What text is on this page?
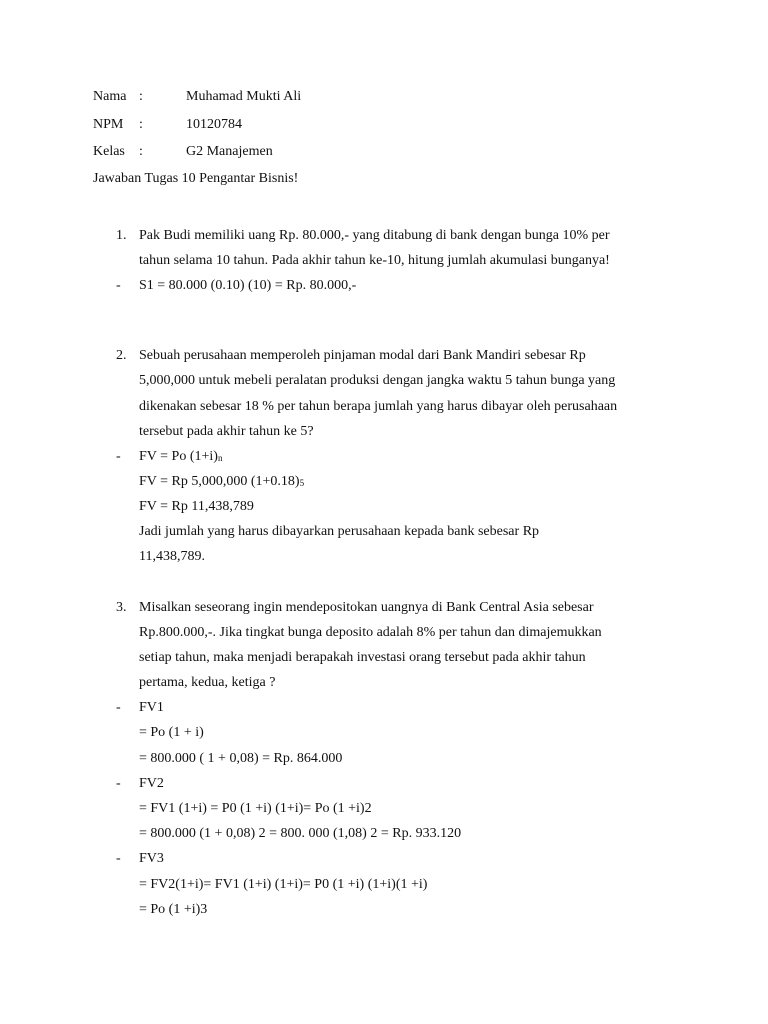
Nama :	Muhamad Mukti Ali
NPM :	10120784
Kelas :	G2 Manajemen
Jawaban Tugas 10 Pengantar Bisnis!
1. Pak Budi memiliki uang Rp. 80.000,- yang ditabung di bank dengan bunga 10% per
tahun selama 10 tahun. Pada akhir tahun ke-10, hitung jumlah akumulasi bunganya!
- S1 = 80.000 (0.10) (10) = Rp. 80.000,-
2. Sebuah perusahaan memperoleh pinjaman modal dari Bank Mandiri sebesar Rp
5,000,000 untuk mebeli peralatan produksi dengan jangka waktu 5 tahun bunga yang
dikenakan sebesar 18 % per tahun berapa jumlah yang harus dibayar oleh perusahaan
tersebut pada akhir tahun ke 5?
- FV = Po $(1+i)_n$
FV = Rp 5,000,000 $(1+0.18)_5$
FV = Rp 11,438,789
Jadi jumlah yang harus dibayarkan perusahaan kepada bank sebesar Rp
11,438,789.
3. Misalkan seseorang ingin mendepositokan uangnya di Bank Central Asia sebesar
Rp.800.000,-. Jika tingkat bunga deposito adalah 8% per tahun dan dimajemukkan
setiap tahun, maka menjadi berapakah investasi orang tersebut pada akhir tahun
pertama, kedua, ketiga ?
- FV1
= Po (1 + i)
= 800.000 ( 1 + 0,08) = Rp. 864.000
- FV2
= FV1 (1+i) = P0 (1 +i) (1+i)= Po (1 +i)2
= 800.000 (1 + 0,08) 2 = 800. 000 (1,08) 2 = Rp. 933.120
- FV3
= FV2(1+i)= FV1 (1+i) (1+i)= P0 (1 +i) (1+i)(1 +i)
= Po (1 +i)3
